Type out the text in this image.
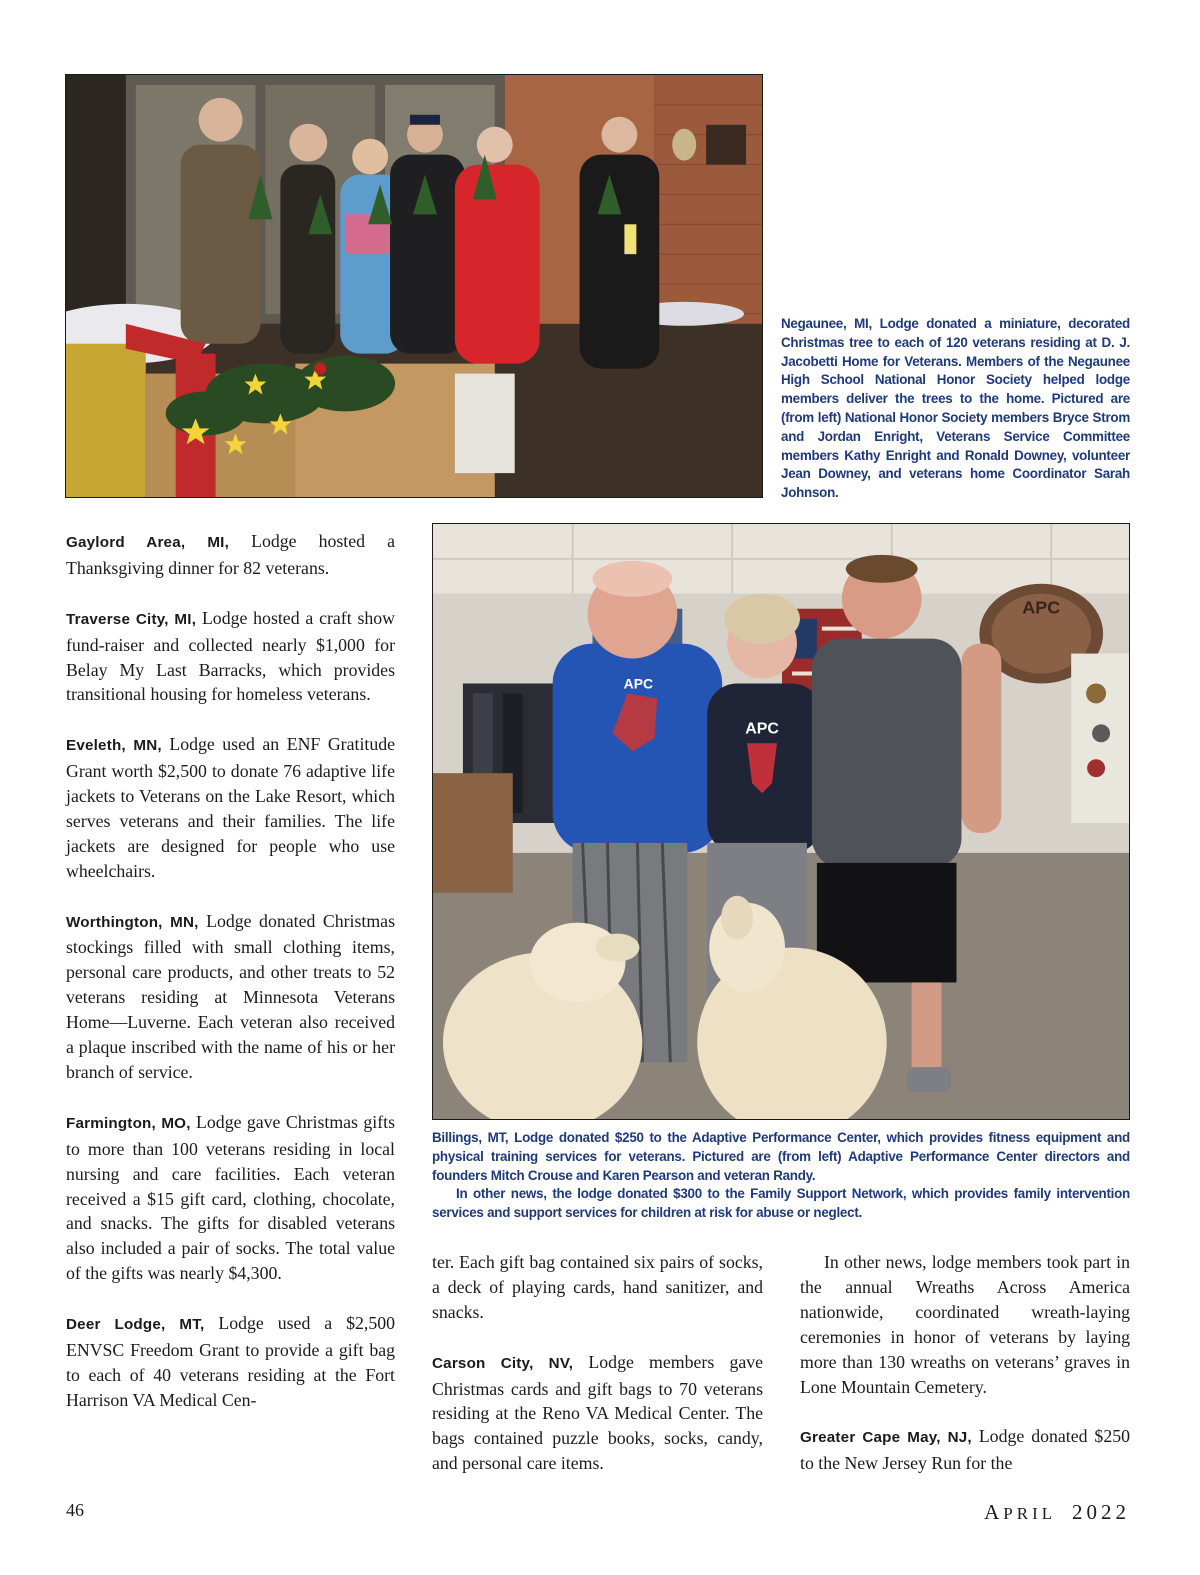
Negaunee, MI, Lodge donated a miniature, decorated Christmas tree to each of 120 veterans residing at D. J. Jacobetti Home for Veterans. Members of the Negaunee High School National Honor Society helped lodge members deliver the trees to the home. Pictured are (from left) National Honor Society members Bryce Strom and Jordan Enright, Veterans Service Committee members Kathy Enright and Ronald Downey, volunteer Jean Downey, and veterans home Coordinator Sarah Johnson.
APC
APC
APC

Billings, MT, Lodge donated $250 to the Adaptive Performance Center, which provides fitness equipment and physical training services for veterans. Pictured are (from left) Adaptive Performance Center directors and founders Mitch Crouse and Karen Pearson and veteran Randy.

In other news, the lodge donated $300 to the Family Support Network, which provides family intervention services and support services for children at risk for abuse or neglect.

Gaylord Area, MI, Lodge hosted a Thanksgiving dinner for 82 veterans.

Traverse City, MI, Lodge hosted a craft show fund-raiser and collected nearly $1,000 for Belay My Last Barracks, which provides transitional housing for homeless veterans.

Eveleth, MN, Lodge used an ENF Gratitude Grant worth $2,500 to donate 76 adaptive life jackets to Veterans on the Lake Resort, which serves veterans and their families. The life jackets are designed for people who use wheelchairs.

Worthington, MN, Lodge donated Christmas stockings filled with small clothing items, personal care products, and other treats to 52 veterans residing at Minnesota Veterans Home—Luverne. Each veteran also received a plaque inscribed with the name of his or her branch of service.

Farmington, MO, Lodge gave Christmas gifts to more than 100 veterans residing in local nursing and care facilities. Each veteran received a $15 gift card, clothing, chocolate, and snacks. The gifts for disabled veterans also included a pair of socks. The total value of the gifts was nearly $4,300.

Deer Lodge, MT, Lodge used a $2,500 ENVSC Freedom Grant to provide a gift bag to each of 40 veterans residing at the Fort Harrison VA Medical Cen-

ter. Each gift bag contained six pairs of socks, a deck of playing cards, hand sanitizer, and snacks.

Carson City, NV, Lodge members gave Christmas cards and gift bags to 70 veterans residing at the Reno VA Medical Center. The bags contained puzzle books, socks, candy, and personal care items.

In other news, lodge members took part in the annual Wreaths Across America nationwide, coordinated wreath-laying ceremonies in honor of veterans by laying more than 130 wreaths on veterans’ graves in Lone Mountain Cemetery.

Greater Cape May, NJ, Lodge donated $250 to the New Jersey Run for the

46	APRIL 2022
